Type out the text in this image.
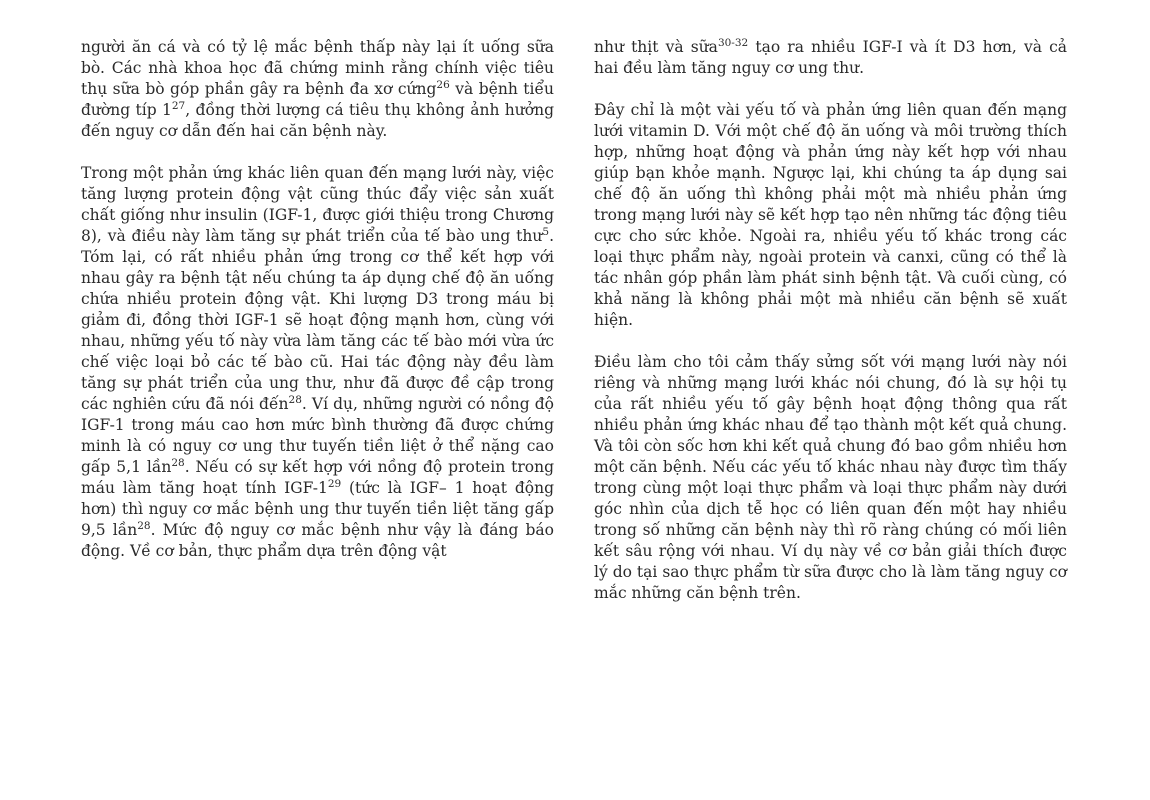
người ăn cá và có tỷ lệ mắc bệnh thấp này lại ít uống sữa bò. Các nhà khoa học đã chứng minh rằng chính việc tiêu thụ sữa bò góp phần gây ra bệnh đa xơ cứng$^{26}$ và bệnh tiểu đường típ $1^{27}$, đồng thời lượng cá tiêu thụ không ảnh hưởng đến nguy cơ dẫn đến hai căn bệnh này.

Trong một phản ứng khác liên quan đến mạng lưới này, việc tăng lượng protein động vật cũng thúc đẩy việc sản xuất chất giống như insulin (IGF-1, được giới thiệu trong Chương 8), và điều này làm tăng sự phát triển của tế bào ung thư$^5$. Tóm lại, có rất nhiều phản ứng trong cơ thể kết hợp với nhau gây ra bệnh tật nếu chúng ta áp dụng chế độ ăn uống chứa nhiều protein động vật. Khi lượng D3 trong máu bị giảm đi, đồng thời IGF-1 sẽ hoạt động mạnh hơn, cùng với nhau, những yếu tố này vừa làm tăng các tế bào mới vừa ức chế việc loại bỏ các tế bào cũ. Hai tác động này đều làm tăng sự phát triển của ung thư, như đã được đề cập trong các nghiên cứu đã nói đến$^{28}$. Ví dụ, những người có nồng độ IGF-1 trong máu cao hơn mức bình thường đã được chứng minh là có nguy cơ ung thư tuyến tiền liệt ở thể nặng cao gấp 5,1 lần$^{28}$. Nếu có sự kết hợp với nồng độ protein trong máu làm tăng hoạt tính IGF-$1^{29}$ (tức là IGF– 1 hoạt động hơn) thì nguy cơ mắc bệnh ung thư tuyến tiền liệt tăng gấp 9,5 lần$^{28}$. Mức độ nguy cơ mắc bệnh như vậy là đáng báo động. Về cơ bản, thực phẩm dựa trên động vật

như thịt và sữa$^{30-32}$ tạo ra nhiều IGF-I và ít D3 hơn, và cả hai đều làm tăng nguy cơ ung thư.

Đây chỉ là một vài yếu tố và phản ứng liên quan đến mạng lưới vitamin D. Với một chế độ ăn uống và môi trường thích hợp, những hoạt động và phản ứng này kết hợp với nhau giúp bạn khỏe mạnh. Ngược lại, khi chúng ta áp dụng sai chế độ ăn uống thì không phải một mà nhiều phản ứng trong mạng lưới này sẽ kết hợp tạo nên những tác động tiêu cực cho sức khỏe. Ngoài ra, nhiều yếu tố khác trong các loại thực phẩm này, ngoài protein và canxi, cũng có thể là tác nhân góp phần làm phát sinh bệnh tật. Và cuối cùng, có khả năng là không phải một mà nhiều căn bệnh sẽ xuất hiện.

Điều làm cho tôi cảm thấy sửng sốt với mạng lưới này nói riêng và những mạng lưới khác nói chung, đó là sự hội tụ của rất nhiều yếu tố gây bệnh hoạt động thông qua rất nhiều phản ứng khác nhau để tạo thành một kết quả chung. Và tôi còn sốc hơn khi kết quả chung đó bao gồm nhiều hơn một căn bệnh. Nếu các yếu tố khác nhau này được tìm thấy trong cùng một loại thực phẩm và loại thực phẩm này dưới góc nhìn của dịch tễ học có liên quan đến một hay nhiều trong số những căn bệnh này thì rõ ràng chúng có mối liên kết sâu rộng với nhau. Ví dụ này về cơ bản giải thích được lý do tại sao thực phẩm từ sữa được cho là làm tăng nguy cơ mắc những căn bệnh trên.
